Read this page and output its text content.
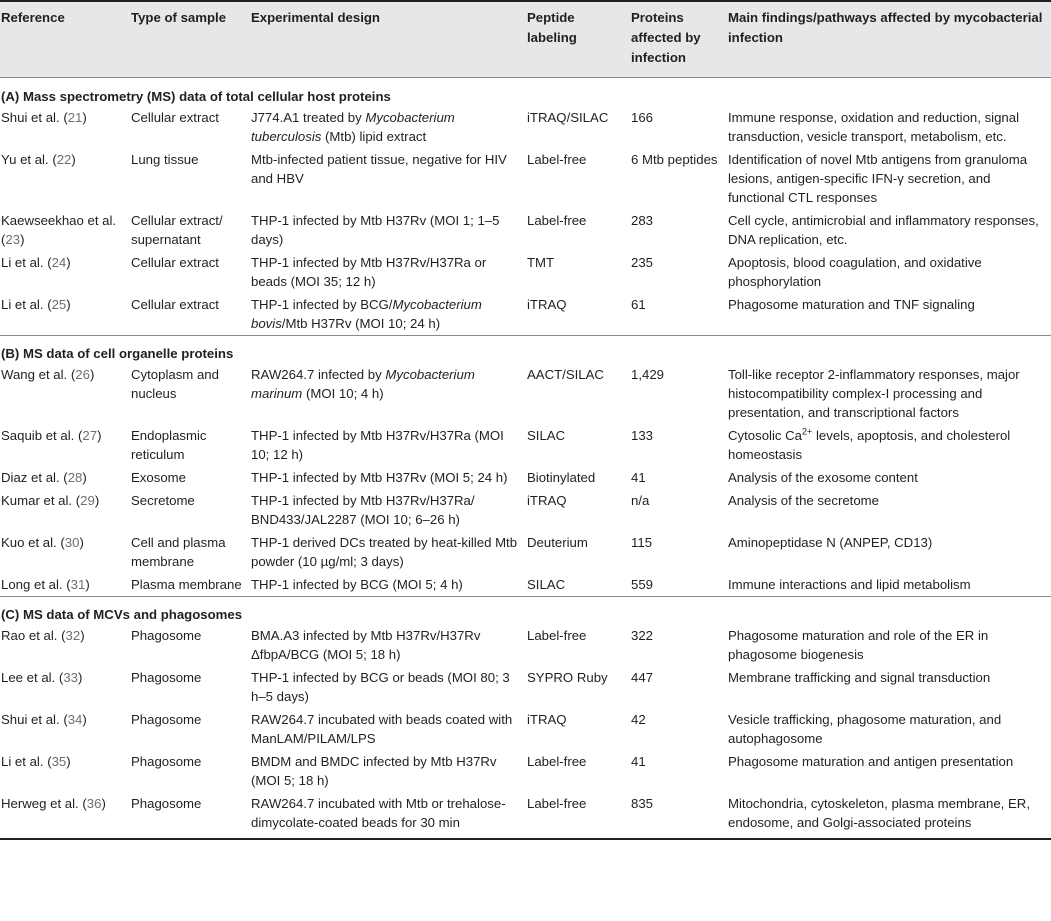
Reference	Type of sample	Experimental design	Peptide labeling	Proteins affected by infection	Main findings/pathways affected by mycobacterial infection
(A) Mass spectrometry (MS) data of total cellular host proteins					
Shui et al. (21)	Cellular extract	J774.A1 treated by Mycobacterium tuberculosis (Mtb) lipid extract	iTRAQ/SILAC	166	Immune response, oxidation and reduction, signal transduction, vesicle transport, metabolism, etc.
Yu et al. (22)	Lung tissue	Mtb-infected patient tissue, negative for HIV and HBV	Label-free	6 Mtb peptides	Identification of novel Mtb antigens from granuloma lesions, antigen-specific IFN-γ secretion, and functional CTL responses
Kaewseekhao et al. (23)	Cellular extract/ supernatant	THP-1 infected by Mtb H37Rv (MOI 1; 1–5 days)	Label-free	283	Cell cycle, antimicrobial and inflammatory responses, DNA replication, etc.
Li et al. (24)	Cellular extract	THP-1 infected by Mtb H37Rv/H37Ra or beads (MOI 35; 12 h)	TMT	235	Apoptosis, blood coagulation, and oxidative phosphorylation
Li et al. (25)	Cellular extract	THP-1 infected by BCG/Mycobacterium bovis/Mtb H37Rv (MOI 10; 24 h)	iTRAQ	61	Phagosome maturation and TNF signaling
(B) MS data of cell organelle proteins					
Wang et al. (26)	Cytoplasm and nucleus	RAW264.7 infected by Mycobacterium marinum (MOI 10; 4 h)	AACT/SILAC	1,429	Toll-like receptor 2-inflammatory responses, major histocompatibility complex-I processing and presentation, and transcriptional factors
Saquib et al. (27)	Endoplasmic reticulum	THP-1 infected by Mtb H37Rv/H37Ra (MOI 10; 12 h)	SILAC	133	Cytosolic $Ca^{2+}$ levels, apoptosis, and cholesterol homeostasis
Diaz et al. (28)	Exosome	THP-1 infected by Mtb H37Rv (MOI 5; 24 h)	Biotinylated	41	Analysis of the exosome content
Kumar et al. (29)	Secretome	THP-1 infected by Mtb H37Rv/H37Ra/ BND433/JAL2287 (MOI 10; 6–26 h)	iTRAQ	n/a	Analysis of the secretome
Kuo et al. (30)	Cell and plasma membrane	THP-1 derived DCs treated by heat-killed Mtb powder (10 µg/ml; 3 days)	Deuterium	115	Aminopeptidase N (ANPEP, CD13)
Long et al. (31)	Plasma membrane	THP-1 infected by BCG (MOI 5; 4 h)	SILAC	559	Immune interactions and lipid metabolism
(C) MS data of MCVs and phagosomes					
Rao et al. (32)	Phagosome	BMA.A3 infected by Mtb H37Rv/H37Rv ΔfbpA/BCG (MOI 5; 18 h)	Label-free	322	Phagosome maturation and role of the ER in phagosome biogenesis
Lee et al. (33)	Phagosome	THP-1 infected by BCG or beads (MOI 80; 3 h–5 days)	SYPRO Ruby	447	Membrane trafficking and signal transduction
Shui et al. (34)	Phagosome	RAW264.7 incubated with beads coated with ManLAM/PILAM/LPS	iTRAQ	42	Vesicle trafficking, phagosome maturation, and autophagosome
Li et al. (35)	Phagosome	BMDM and BMDC infected by Mtb H37Rv (MOI 5; 18 h)	Label-free	41	Phagosome maturation and antigen presentation
Herweg et al. (36)	Phagosome	RAW264.7 incubated with Mtb or trehalose-dimycolate-coated beads for 30 min	Label-free	835	Mitochondria, cytoskeleton, plasma membrane, ER, endosome, and Golgi-associated proteins
